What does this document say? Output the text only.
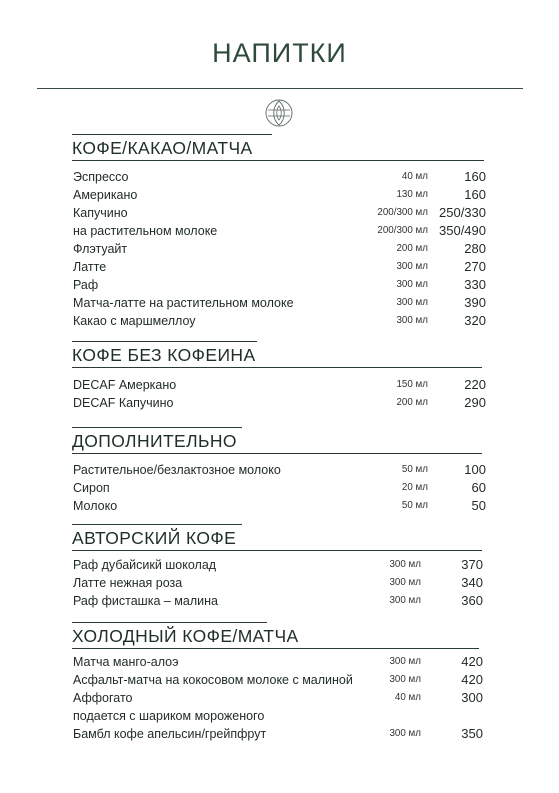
НАПИТКИ
КОФЕ/КАКАО/МАТЧА
Эспрессо	40 мл	160
Американо	130 мл	160
Капучино	200/300 мл 250/330
на растительном молоке	200/300 мл 350/490
Флэтуайт	200 мл	280
Латте	300 мл	270
Раф	300 мл	330
Матча-латте на растительном молоке	300 мл	390
Какао с маршмеллоу	300 мл	320
КОФЕ БЕЗ КОФЕИНА
DECAF Амеркано	150 мл	220
DECAF Капучино	200 мл	290
ДОПОЛНИТЕЛЬНО
Растительное/безлактозное молоко	50 мл	100
Сироп	20 мл	60
Молоко	50 мл	50
АВТОРСКИЙ КОФЕ
Раф дубайсикй шоколад	300 мл	370
Латте нежная роза	300 мл	340
Раф фисташка – малина	300 мл	360
ХОЛОДНЫЙ КОФЕ/МАТЧА
Матча манго-алоэ	300 мл	420
Асфальт-матча на кокосовом молоке с малиной	300 мл	420
Аффогато	40 мл	300
подается с шариком мороженого
Бамбл кофе апельсин/грейпфрут	300 мл	350
